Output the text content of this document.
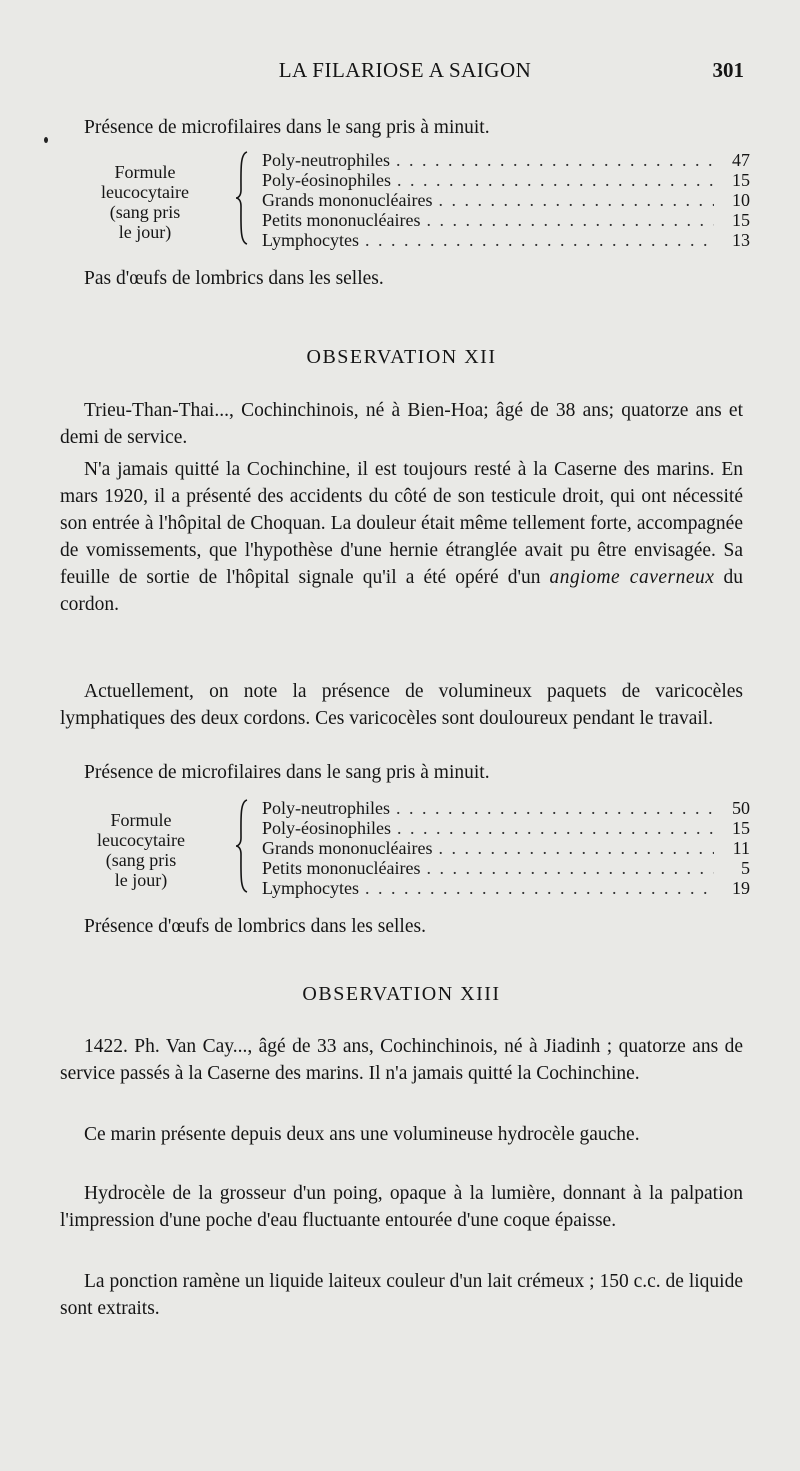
LA FILARIOSE A SAIGON	301
Présence de microfilaires dans le sang pris à minuit.
Formule
leucocytaire
(sang pris
le jour)
Poly-neutrophiles . . .	47
Poly-éosinophiles . . .	15
Grands mononucléaires . . .	10
Petits mononucléaires . . .	15
Lymphocytes . . .	13
Pas d'œufs de lombrics dans les selles.
OBSERVATION XII
Trieu-Than-Thai..., Cochinchinois, né à Bien-Hoa; âgé de 38 ans; quatorze ans et demi de service.
N'a jamais quitté la Cochinchine, il est toujours resté à la Caserne des marins. En mars 1920, il a présenté des accidents du côté de son testicule droit, qui ont nécessité son entrée à l'hôpital de Choquan. La douleur était même tellement forte, accompagnée de vomissements, que l'hypothèse d'une hernie étranglée avait pu être envisagée. Sa feuille de sortie de l'hôpital signale qu'il a été opéré d'un angiome caverneux du cordon.
Actuellement, on note la présence de volumineux paquets de varicocèles lymphatiques des deux cordons. Ces varicocèles sont douloureux pendant le travail.
Présence de microfilaires dans le sang pris à minuit.
Formule
leucocytaire
(sang pris
le jour)
Poly-neutrophiles . . .	50
Poly-éosinophiles . . .	15
Grands mononucléaires . . .	11
Petits mononucléaires . . .	5
Lymphocytes . . .	19
Présence d'œufs de lombrics dans les selles.
OBSERVATION XIII
1422. Ph. Van Cay..., âgé de 33 ans, Cochinchinois, né à Jiadinh ; quatorze ans de service passés à la Caserne des marins. Il n'a jamais quitté la Cochinchine.
Ce marin présente depuis deux ans une volumineuse hydrocèle gauche.
Hydrocèle de la grosseur d'un poing, opaque à la lumière, donnant à la palpation l'impression d'une poche d'eau fluctuante entourée d'une coque épaisse.
La ponction ramène un liquide laiteux couleur d'un lait crémeux ; 150 c.c. de liquide sont extraits.
